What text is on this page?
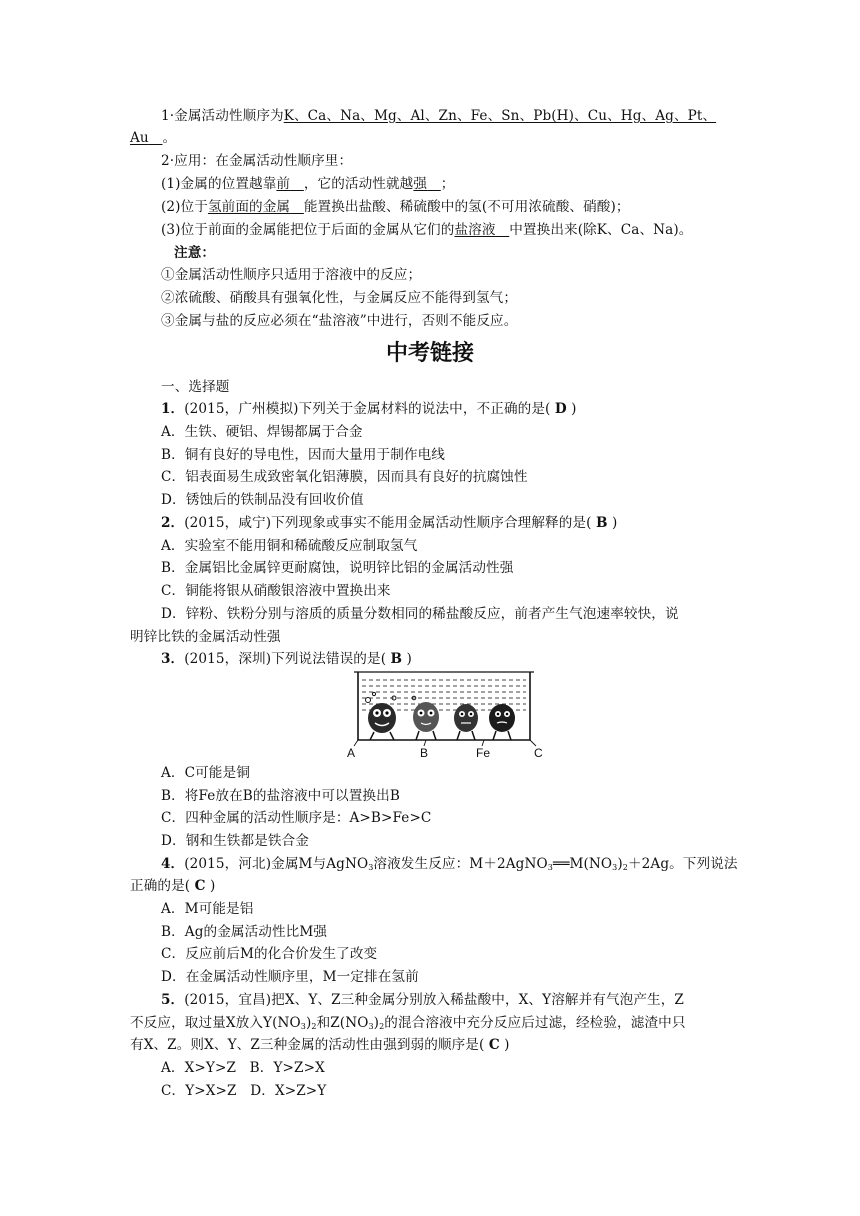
1·金属活动性顺序为K、Ca、Na、Mg、Al、Zn、Fe、Sn、Pb(H)、Cu、Hg、Ag、Pt、
Au　 。
2·应用：在金属活动性顺序里：
(1)金属的位置越靠前　 ，它的活动性就越强　 ；
(2)位于氢前面的金属　 能置换出盐酸、稀硫酸中的氢(不可用浓硫酸、硝酸)；
(3)位于前面的金属能把位于后面的金属从它们的盐溶液　 中置换出来(除K、Ca、Na)。
注意：
①金属活动性顺序只适用于溶液中的反应；
②浓硫酸、硝酸具有强氧化性，与金属反应不能得到氢气；
③金属与盐的反应必须在“盐溶液”中进行，否则不能反应。
中考链接
一、选择题
1．(2015，广州模拟)下列关于金属材料的说法中，不正确的是( D )
A．生铁、硬铝、焊锡都属于合金
B．铜有良好的导电性，因而大量用于制作电线
C．铝表面易生成致密氧化铝薄膜，因而具有良好的抗腐蚀性
D．锈蚀后的铁制品没有回收价值
2．(2015，咸宁)下列现象或事实不能用金属活动性顺序合理解释的是( B )
A．实验室不能用铜和稀硫酸反应制取氢气
B．金属铝比金属锌更耐腐蚀，说明锌比铝的金属活动性强
C．铜能将银从硝酸银溶液中置换出来
D．锌粉、铁粉分别与溶质的质量分数相同的稀盐酸反应，前者产生气泡速率较快，说
明锌比铁的金属活动性强
3．(2015，深圳)下列说法错误的是( B )
A	B	Fe	C
A．C可能是铜
B．将Fe放在B的盐溶液中可以置换出B
C．四种金属的活动性顺序是：A>B>Fe>C
D．钢和生铁都是铁合金
4．(2015，河北)金属M与AgNO$_3$溶液发生反应：$M+2AgNO_3══M(NO_3)_2+2Ag$。下列说法
正确的是( C )
A．M可能是铝
B．Ag的金属活动性比M强
C．反应前后M的化合价发生了改变
D．在金属活动性顺序里，M一定排在氢前
5．(2015，宜昌)把X、Y、Z三种金属分别放入稀盐酸中，X、Y溶解并有气泡产生，Z
不反应，取过量X放入$Y(NO_3)_2$和$Z(NO_3)_2$的混合溶液中充分反应后过滤，经检验，滤渣中只
有X、Z。则X、Y、Z三种金属的活动性由强到弱的顺序是( C )
A．X>Y>Z　B．Y>Z>X
C．Y>X>Z　D．X>Z>Y
